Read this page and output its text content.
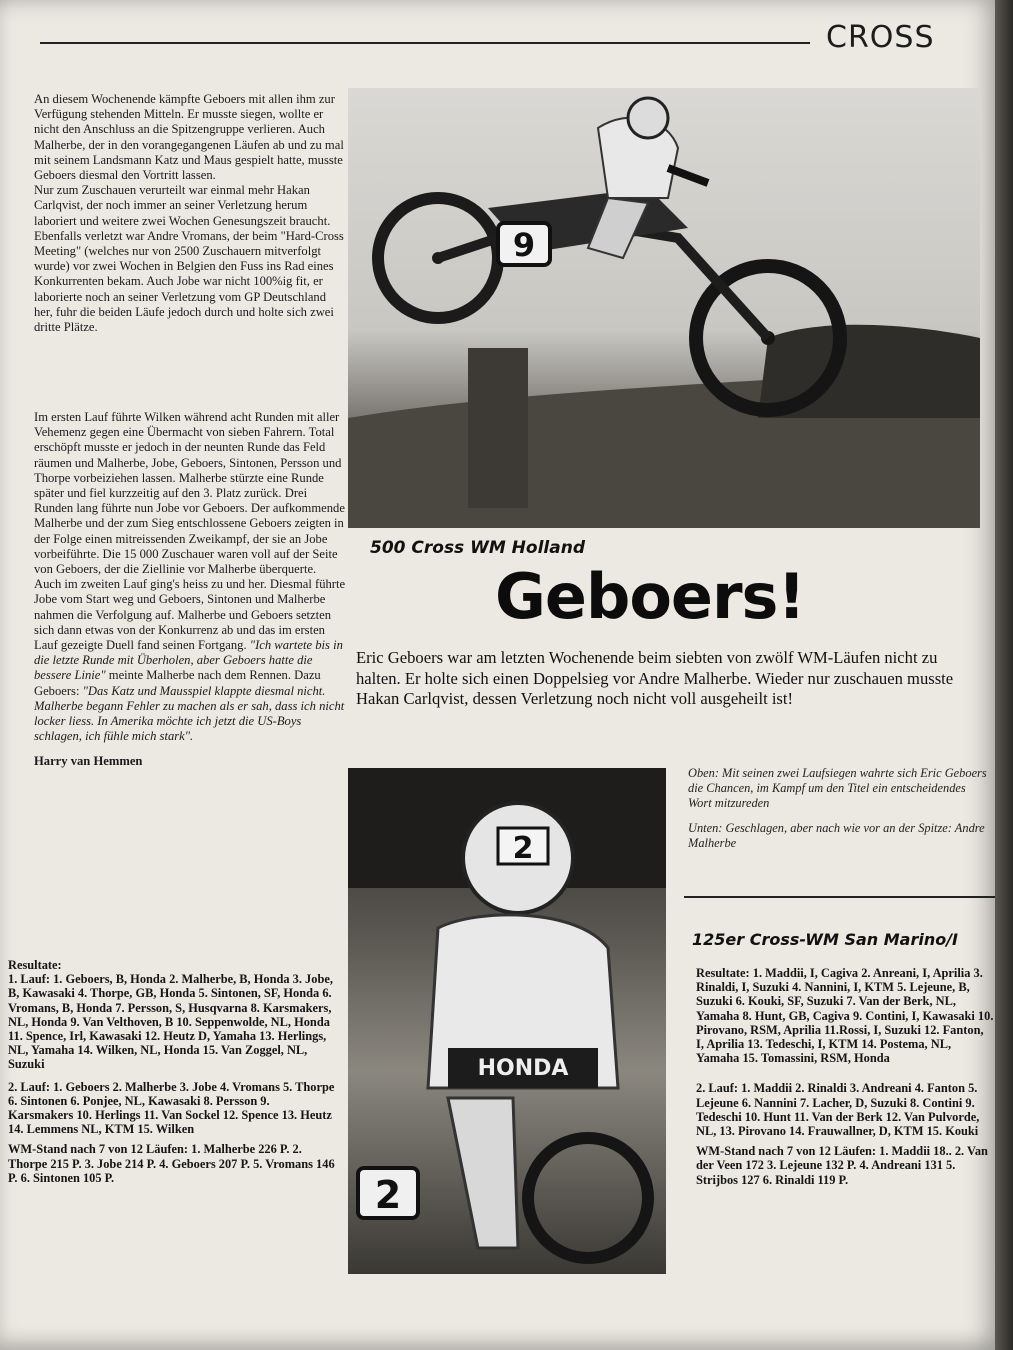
CROSS

An diesem Wochenende kämpfte Geboers mit allen ihm zur Verfügung stehenden Mitteln. Er musste siegen, wollte er nicht den Anschluss an die Spitzengruppe verlieren. Auch Malherbe, der in den vorangegangenen Läufen ab und zu mal mit seinem Landsmann Katz und Maus gespielt hatte, musste Geboers diesmal den Vortritt lassen.

Nur zum Zuschauen verurteilt war einmal mehr Hakan Carlqvist, der noch immer an seiner Verletzung herum laboriert und weitere zwei Wochen Genesungszeit braucht. Ebenfalls verletzt war Andre Vromans, der beim "Hard-Cross Meeting" (welches nur von 2500 Zuschauern mitverfolgt wurde) vor zwei Wochen in Belgien den Fuss ins Rad eines Konkurrenten bekam. Auch Jobe war nicht 100%ig fit, er laborierte noch an seiner Verletzung vom GP Deutschland her, fuhr die beiden Läufe jedoch durch und holte sich zwei dritte Plätze.

Im ersten Lauf führte Wilken während acht Runden mit aller Vehemenz gegen eine Übermacht von sieben Fahrern. Total erschöpft musste er jedoch in der neunten Runde das Feld räumen und Malherbe, Jobe, Geboers, Sintonen, Persson und Thorpe vorbeiziehen lassen. Malherbe stürzte eine Runde später und fiel kurzzeitig auf den 3. Platz zurück. Drei Runden lang führte nun Jobe vor Geboers. Der aufkommende Malherbe und der zum Sieg entschlossene Geboers zeigten in der Folge einen mitreissenden Zweikampf, der sie an Jobe vorbeiführte. Die 15 000 Zuschauer waren voll auf der Seite von Geboers, der die Ziellinie vor Malherbe überquerte.

Auch im zweiten Lauf ging's heiss zu und her. Diesmal führte Jobe vom Start weg und Geboers, Sintonen und Malherbe nahmen die Verfolgung auf. Malherbe und Geboers setzten sich dann etwas von der Konkurrenz ab und das im ersten Lauf gezeigte Duell fand seinen Fortgang. "Ich wartete bis in die letzte Runde mit Überholen, aber Geboers hatte die bessere Linie" meinte Malherbe nach dem Rennen. Dazu Geboers: "Das Katz und Mausspiel klappte diesmal nicht. Malherbe begann Fehler zu machen als er sah, dass ich nicht locker liess. In Amerika möchte ich jetzt die US-Boys schlagen, ich fühle mich stark".

Harry van Hemmen

Resultate:

1. Lauf: 1. Geboers, B, Honda 2. Malherbe, B, Honda 3. Jobe, B, Kawasaki 4. Thorpe, GB, Honda 5. Sintonen, SF, Honda 6. Vromans, B, Honda 7. Persson, S, Husqvarna 8. Karsmakers, NL, Honda 9. Van Velthoven, B 10. Seppenwolde, NL, Honda 11. Spence, Irl, Kawasaki 12. Heutz D, Yamaha 13. Herlings, NL, Yamaha 14. Wilken, NL, Honda 15. Van Zoggel, NL, Suzuki

2. Lauf: 1. Geboers 2. Malherbe 3. Jobe 4. Vromans 5. Thorpe 6. Sintonen 6. Ponjee, NL, Kawasaki 8. Persson 9. Karsmakers 10. Herlings 11. Van Sockel 12. Spence 13. Heutz 14. Lemmens NL, KTM 15. Wilken

WM-Stand nach 7 von 12 Läufen: 1. Malherbe 226 P. 2. Thorpe 215 P. 3. Jobe 214 P. 4. Geboers 207 P. 5. Vromans 146 P. 6. Sintonen 105 P.

9
500 Cross WM Holland
Geboers!

Eric Geboers war am letzten Wochenende beim siebten von zwölf WM-Läufen nicht zu halten. Er holte sich einen Doppelsieg vor Andre Malherbe. Wieder nur zuschauen musste Hakan Carlqvist, dessen Verletzung noch nicht voll ausgeheilt ist!

2
HONDA
2

Oben: Mit seinen zwei Laufsiegen wahrte sich Eric Geboers die Chancen, im Kampf um den Titel ein entscheidendes Wort mitzureden

Unten: Geschlagen, aber nach wie vor an der Spitze: Andre Malherbe

125er Cross-WM San Marino/I

Resultate: 1. Maddii, I, Cagiva 2. Anreani, I, Aprilia 3. Rinaldi, I, Suzuki 4. Nannini, I, KTM 5. Lejeune, B, Suzuki 6. Kouki, SF, Suzuki 7. Van der Berk, NL, Yamaha 8. Hunt, GB, Cagiva 9. Contini, I, Kawasaki 10. Pirovano, RSM, Aprilia 11.Rossi, I, Suzuki 12. Fanton, I, Aprilia 13. Tedeschi, I, KTM 14. Postema, NL, Yamaha 15. Tomassini, RSM, Honda

2. Lauf: 1. Maddii 2. Rinaldi 3. Andreani 4. Fanton 5. Lejeune 6. Nannini 7. Lacher, D, Suzuki 8. Contini 9. Tedeschi 10. Hunt 11. Van der Berk 12. Van Pulvorde, NL, 13. Pirovano 14. Frauwallner, D, KTM 15. Kouki

WM-Stand nach 7 von 12 Läufen: 1. Maddii 18.. 2. Van der Veen 172 3. Lejeune 132 P. 4. Andreani 131 5. Strijbos 127 6. Rinaldi 119 P.
